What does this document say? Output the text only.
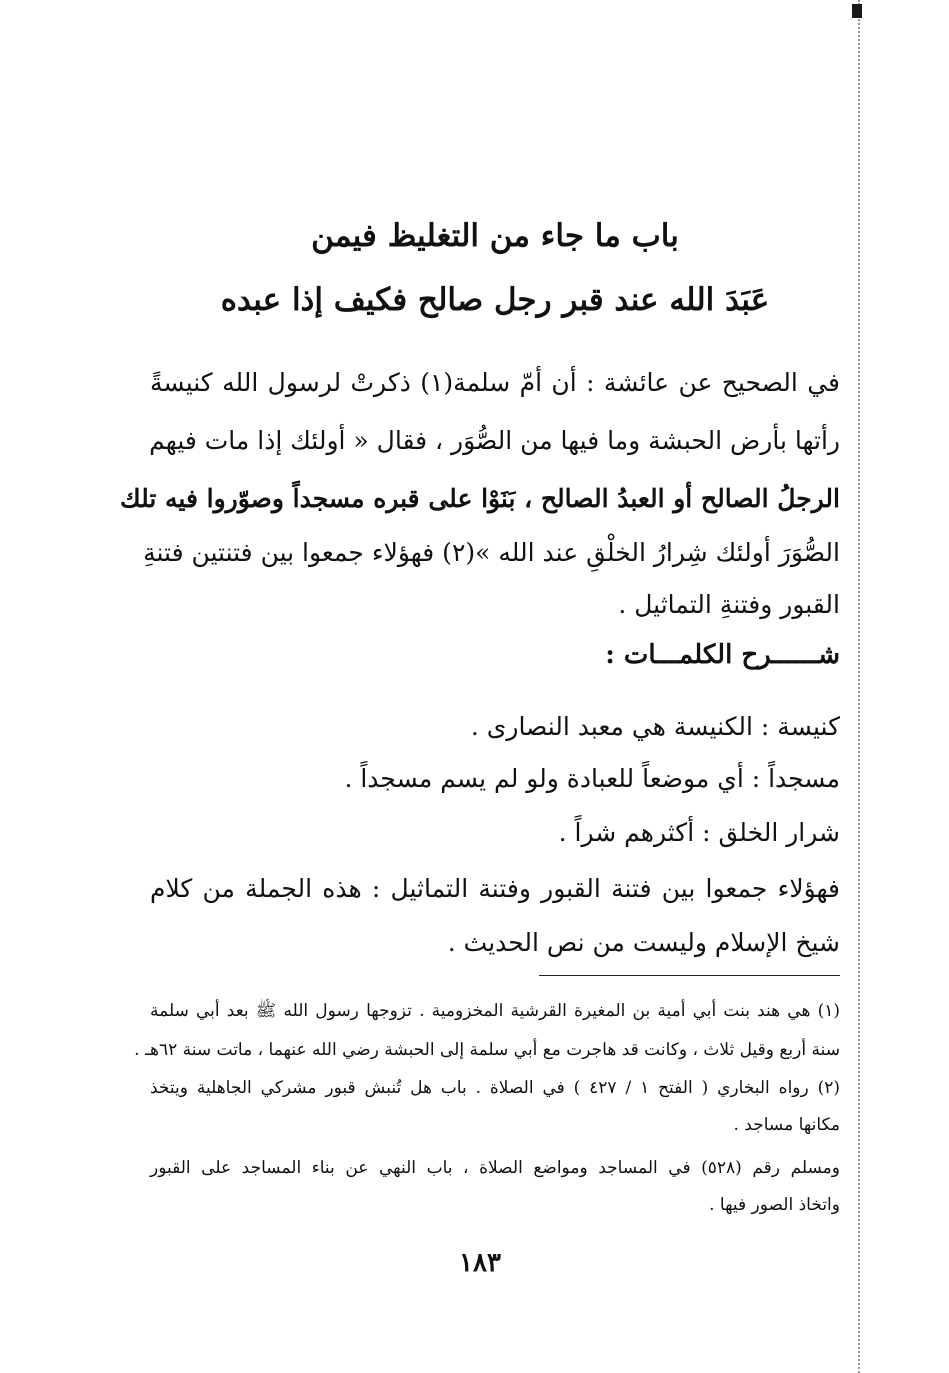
باب ما جاء من التغليظ فيمن
عَبَدَ الله عند قبر رجل صالح فكيف إذا عبده
في الصحيح عن عائشة : أن أمّ سلمة(١) ذكرتْ لرسول الله كنيسةً
رأتها بأرض الحبشة وما فيها من الصُّوَر ، فقال « أولئك إذا مات فيهم
الرجلُ الصالح أو العبدُ الصالح ، بَنَوْا على قبره مسجداً وصوّروا فيه تلك
الصُّوَرَ أولئك شِرارُ الخلْقِ عند الله »(٢) فهؤلاء جمعوا بين فتنتين فتنةِ
القبور وفتنةِ التماثيل .
شــــــرح الكلمـــات :
كنيسة : الكنيسة هي معبد النصارى .
مسجداً : أي موضعاً للعبادة ولو لم يسم مسجداً .
شرار الخلق : أكثرهم شراً .
فهؤلاء جمعوا بين فتنة القبور وفتنة التماثيل : هذه الجملة من كلام
شيخ الإسلام وليست من نص الحديث .
(١) هي هند بنت أبي أمية بن المغيرة القرشية المخزومية . تزوجها رسول الله ﷺ بعد أبي سلمة
سنة أربع وقيل ثلاث ، وكانت قد هاجرت مع أبي سلمة إلى الحبشة رضي الله عنهما ، ماتت سنة ٦٢هـ .
(٢) رواه البخاري ( الفتح ١ / ٤٢٧ ) في الصلاة . باب هل تُنبش قبور مشركي الجاهلية ويتخذ
مكانها مساجد .
ومسلم رقم (٥٢٨) في المساجد ومواضع الصلاة ، باب النهي عن بناء المساجد على القبور
واتخاذ الصور فيها .
١٨٣
